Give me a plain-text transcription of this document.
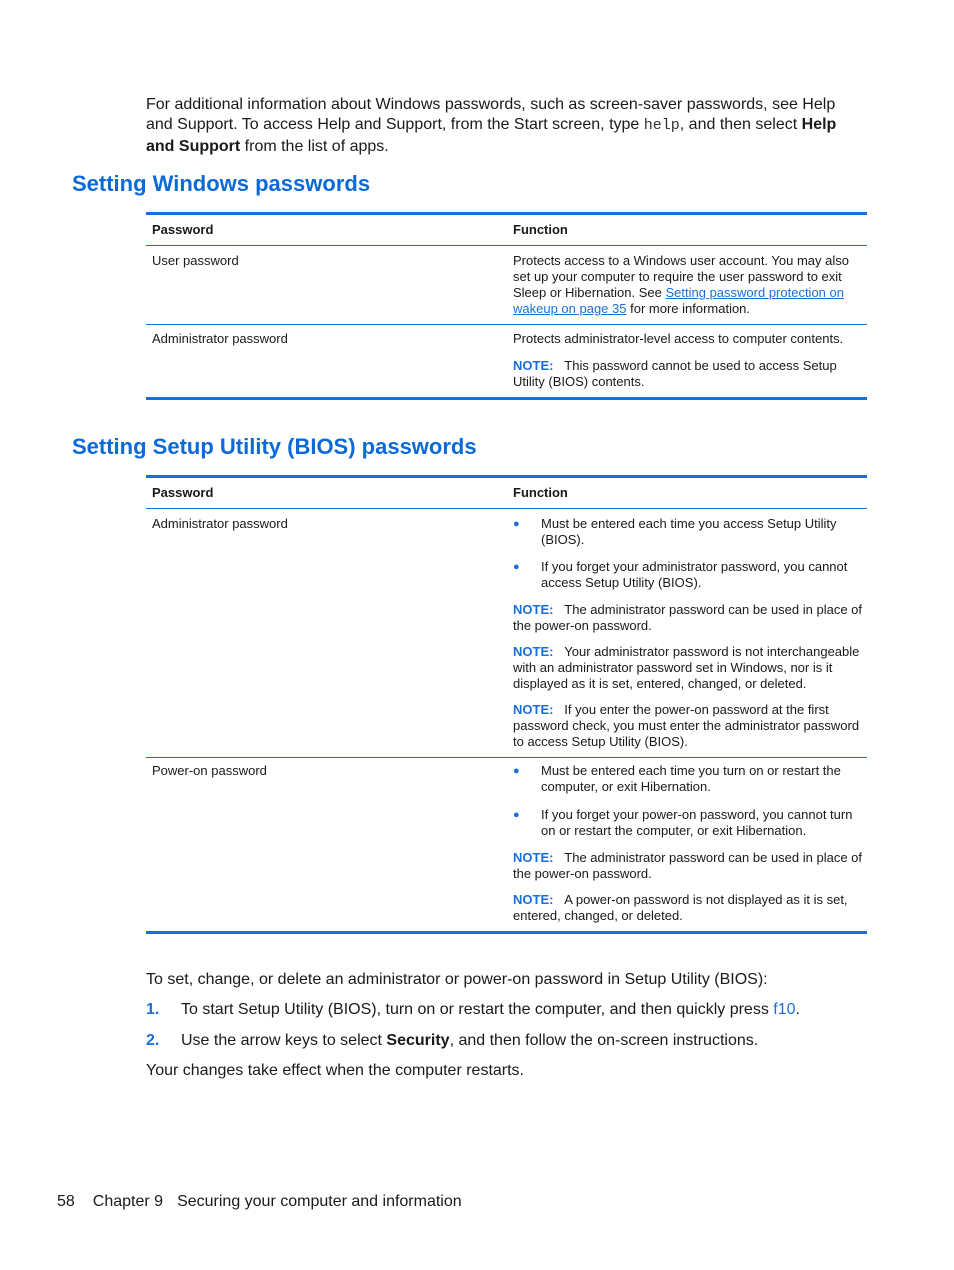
For additional information about Windows passwords, such as screen-saver passwords, see Help
and Support. To access Help and Support, from the Start screen, type help, and then select Help
and Support from the list of apps.
Setting Windows passwords
Password	Function
User password	Protects access to a Windows user account. You may also
set up your computer to require the user password to exit
Sleep or Hibernation. See Setting password protection on
wakeup on page 35 for more information.
Administrator password	Protects administrator-level access to computer contents.
NOTE: This password cannot be used to access Setup
Utility (BIOS) contents.
Setting Setup Utility (BIOS) passwords
Password	Function
Administrator password	● Must be entered each time you access Setup Utility
(BIOS).
● If you forget your administrator password, you cannot
access Setup Utility (BIOS).
NOTE: The administrator password can be used in place of
the power-on password.
NOTE: Your administrator password is not interchangeable
with an administrator password set in Windows, nor is it
displayed as it is set, entered, changed, or deleted.
NOTE: If you enter the power-on password at the first
password check, you must enter the administrator password
to access Setup Utility (BIOS).
Power-on password	● Must be entered each time you turn on or restart the
computer, or exit Hibernation.
● If you forget your power-on password, you cannot turn
on or restart the computer, or exit Hibernation.
NOTE: The administrator password can be used in place of
the power-on password.
NOTE: A power-on password is not displayed as it is set,
entered, changed, or deleted.
To set, change, or delete an administrator or power-on password in Setup Utility (BIOS):
1. To start Setup Utility (BIOS), turn on or restart the computer, and then quickly press f10.
2. Use the arrow keys to select Security, and then follow the on-screen instructions.
Your changes take effect when the computer restarts.
58 Chapter 9 Securing your computer and information
